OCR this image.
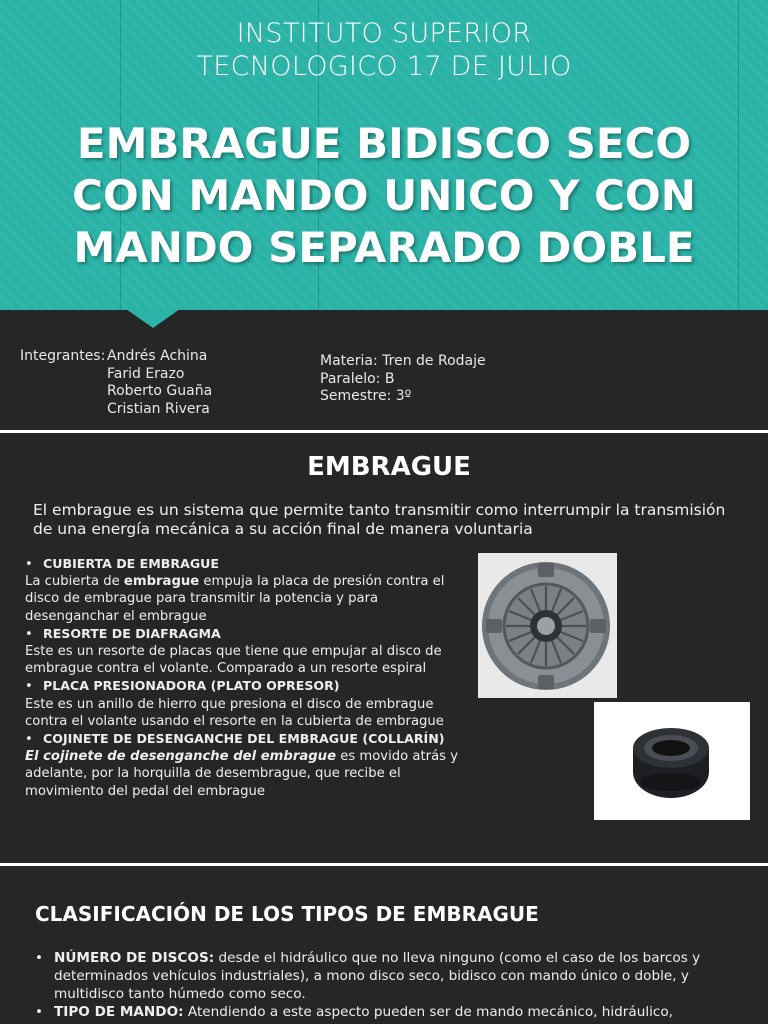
INSTITUTO SUPERIOR
TECNOLOGICO 17 DE JULIO
EMBRAGUE BIDISCO SECO
CON MANDO UNICO Y CON
MANDO SEPARADO DOBLE
Integrantes: Andrés Achina
Farid Erazo
Roberto Guaña
Cristian Rivera
Materia: Tren de Rodaje
Paralelo: B
Semestre: 3º
EMBRAGUE
El embrague es un sistema que permite tanto transmitir como interrumpir la transmisión de una energía mecánica a su acción final de manera voluntaria
• CUBIERTA DE EMBRAGUE
La cubierta de embrague empuja la placa de presión contra el disco de embrague para transmitir la potencia y para desenganchar el embrague
• RESORTE DE DIAFRAGMA
Este es un resorte de placas que tiene que empujar al disco de embrague contra el volante. Comparado a un resorte espiral
• PLACA PRESIONADORA (PLATO OPRESOR)
Este es un anillo de hierro que presiona el disco de embrague contra el volante usando el resorte en la cubierta de embrague
• COJINETE DE DESENGANCHE DEL EMBRAGUE (COLLARÍN)
El cojinete de desenganche del embrague es movido atrás y adelante, por la horquilla de desembrague, que recibe el movimiento del pedal del embrague
CLASIFICACIÓN DE LOS TIPOS DE EMBRAGUE
• NÚMERO DE DISCOS: desde el hidráulico que no lleva ninguno (como el caso de los barcos y determinados vehículos industriales), a mono disco seco, bidisco con mando único o doble, y multidisco tanto húmedo como seco.
• TIPO DE MANDO: Atendiendo a este aspecto pueden ser de mando mecánico, hidráulico,
